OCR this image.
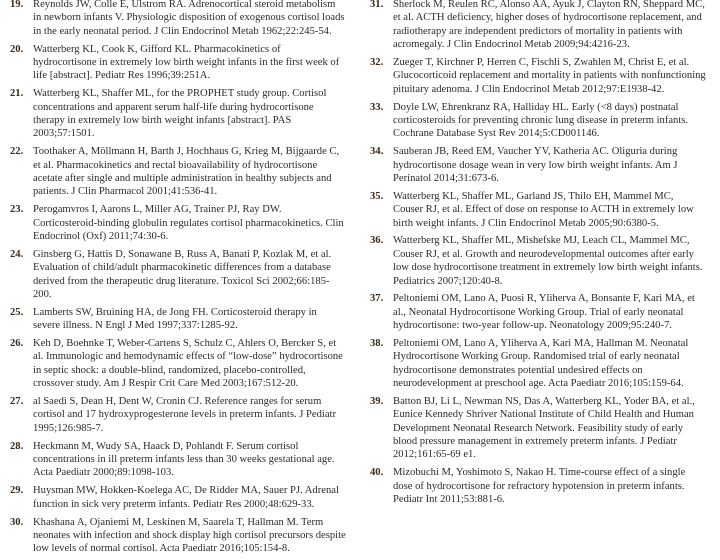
19. Reynolds JW, Colle E, Ulstrom RA. Adrenocortical steroid metabolism in newborn infants V. Physiologic disposition of exogenous cortisol loads in the early neonatal period. J Clin Endocrinol Metab 1962;22:245-54.
20. Watterberg KL, Cook K, Gifford KL. Pharmacokinetics of hydrocortisone in extremely low birth weight infants in the first week of life [abstract]. Pediatr Res 1996;39:251A.
21. Watterberg KL, Shaffer ML, for the PROPHET study group. Cortisol concentrations and apparent serum half-life during hydrocortisone therapy in extremely low birth weight infants [abstract]. PAS 2003;57:1501.
22. Toothaker A, Möllmann H, Barth J, Hochhaus G, Krieg M, Bijgaarde C, et al. Pharmacokinetics and rectal bioavailability of hydrocortisone acetate after single and multiple administration in healthy subjects and patients. J Clin Pharmacol 2001;41:536-41.
23. Perogamvros I, Aarons L, Miller AG, Trainer PJ, Ray DW. Corticosteroid-binding globulin regulates cortisol pharmacokinetics. Clin Endocrinol (Oxf) 2011;74:30-6.
24. Ginsberg G, Hattis D, Sonawane B, Russ A, Banati P, Kozlak M, et al. Evaluation of child/adult pharmacokinetic differences from a database derived from the therapeutic drug literature. Toxicol Sci 2002;66:185-200.
25. Lamberts SW, Bruining HA, de Jong FH. Corticosteroid therapy in severe illness. N Engl J Med 1997;337:1285-92.
26. Keh D, Boehnke T, Weber-Cartens S, Schulz C, Ahlers O, Bercker S, et al. Immunologic and hemodynamic effects of “low-dose” hydrocortisone in septic shock: a double-blind, randomized, placebo-controlled, crossover study. Am J Respir Crit Care Med 2003;167:512-20.
27. al Saedi S, Dean H, Dent W, Cronin CJ. Reference ranges for serum cortisol and 17 hydroxyprogesterone levels in preterm infants. J Pediatr 1995;126:985-7.
28. Heckmann M, Wudy SA, Haack D, Pohlandt F. Serum cortisol concentrations in ill preterm infants less than 30 weeks gestational age. Acta Paediatr 2000;89:1098-103.
29. Huysman MW, Hokken-Koelega AC, De Ridder MA, Sauer PJ. Adrenal function in sick very preterm infants. Pediatr Res 2000;48:629-33.
30. Khashana A, Ojaniemi M, Leskinen M, Saarela T, Hallman M. Term neonates with infection and shock display high cortisol precursors despite low levels of normal cortisol. Acta Paediatr 2016;105:154-8.
31. Sherlock M, Reulen RC, Alonso AA, Ayuk J, Clayton RN, Sheppard MC, et al. ACTH deficiency, higher doses of hydrocortisone replacement, and radiotherapy are independent predictors of mortality in patients with acromegaly. J Clin Endocrinol Metab 2009;94:4216-23.
32. Zueger T, Kirchner P, Herren C, Fischli S, Zwahlen M, Christ E, et al. Glucocorticoid replacement and mortality in patients with nonfunctioning pituitary adenoma. J Clin Endocrinol Metab 2012;97:E1938-42.
33. Doyle LW, Ehrenkranz RA, Halliday HL. Early (<8 days) postnatal corticosteroids for preventing chronic lung disease in preterm infants. Cochrane Database Syst Rev 2014;5:CD001146.
34. Sauberan JB, Reed EM, Vaucher YV, Katheria AC. Oliguria during hydrocortisone dosage wean in very low birth weight infants. Am J Perinatol 2014;31:673-6.
35. Watterberg KL, Shaffer ML, Garland JS, Thilo EH, Mammel MC, Couser RJ, et al. Effect of dose on response to ACTH in extremely low birth weight infants. J Clin Endocrinol Metab 2005;90:6380-5.
36. Watterberg KL, Shaffer ML, Mishefske MJ, Leach CL, Mammel MC, Couser RJ, et al. Growth and neurodevelopmental outcomes after early low dose hydrocortisone treatment in extremely low birth weight infants. Pediatrics 2007;120:40-8.
37. Peltoniemi OM, Lano A, Puosi R, Yliherva A, Bonsante F, Kari MA, et al., Neonatal Hydrocortisone Working Group. Trial of early neonatal hydrocortisone: two-year follow-up. Neonatology 2009;95:240-7.
38. Peltoniemi OM, Lano A, Yliherva A, Kari MA, Hallman M. Neonatal Hydrocortisone Working Group. Randomised trial of early neonatal hydrocortisone demonstrates potential undesired effects on neurodevelopment at preschool age. Acta Paediatr 2016;105:159-64.
39. Batton BJ, Li L, Newman NS, Das A, Watterberg KL, Yoder BA, et al., Eunice Kennedy Shriver National Institute of Child Health and Human Development Neonatal Research Network. Feasibility study of early blood pressure management in extremely preterm infants. J Pediatr 2012;161:65-69 e1.
40. Mizobuchi M, Yoshimoto S, Nakao H. Time-course effect of a single dose of hydrocortisone for refractory hypotension in preterm infants. Pediatr Int 2011;53:881-6.
